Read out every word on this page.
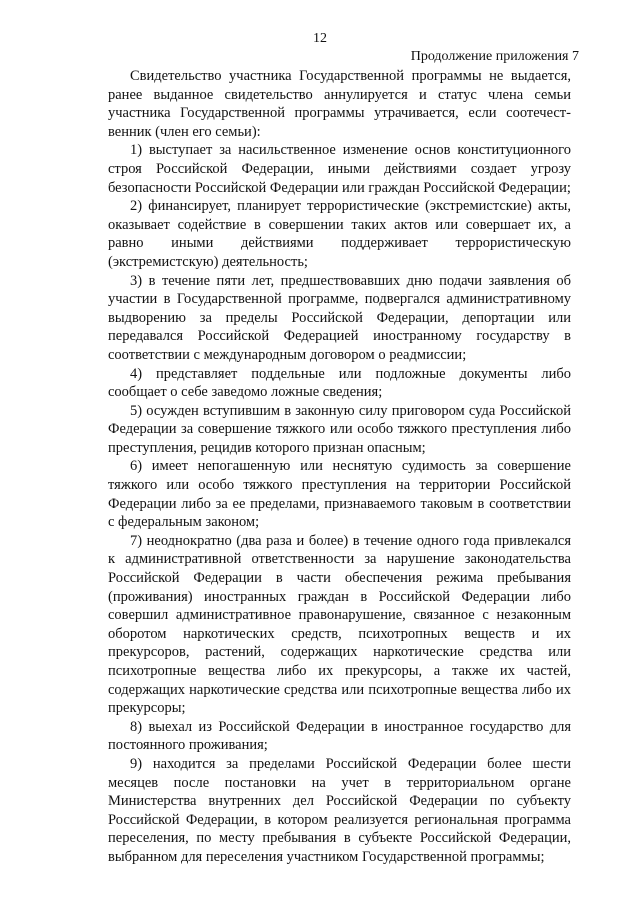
12
Продолжение приложения 7

Свидетельство участника Государственной программы не выдается, ранее выданное свидетельство аннулируется и статус члена семьи участника Государственной программы утрачивается, если соотечественник (член его семьи):

1) выступает за насильственное изменение основ конституционного строя Российской Федерации, иными действиями создает угрозу безопасности Российской Федерации или граждан Российской Федерации;

2) финансирует, планирует террористические (экстремистские) акты, оказывает содействие в совершении таких актов или совершает их, а равно иными действиями поддерживает террористическую (экстремистскую) деятельность;

3) в течение пяти лет, предшествовавших дню подачи заявления об участии в Государственной программе, подвергался административному выдворению за пределы Российской Федерации, депортации или передавался Российской Федерацией иностранному государству в соответствии с международным договором о реадмиссии;

4) представляет поддельные или подложные документы либо сообщает о себе заведомо ложные сведения;

5) осужден вступившим в законную силу приговором суда Российской Федерации за совершение тяжкого или особо тяжкого преступления либо преступления, рецидив которого признан опасным;

6) имеет непогашенную или неснятую судимость за совершение тяжкого или особо тяжкого преступления на территории Российской Федерации либо за ее пределами, признаваемого таковым в соответствии с федеральным законом;

7) неоднократно (два раза и более) в течение одного года привлекался к административной ответственности за нарушение законодательства Российской Федерации в части обеспечения режима пребывания (проживания) иностранных граждан в Российской Федерации либо совершил административное правонарушение, связанное с незаконным оборотом наркотических средств, психотропных веществ и их прекурсоров, растений, содержащих наркотические средства или психотропные вещества либо их прекурсоры, а также их частей, содержащих наркотические средства или психотропные вещества либо их прекурсоры;

8) выехал из Российской Федерации в иностранное государство для постоянного проживания;

9) находится за пределами Российской Федерации более шести месяцев после постановки на учет в территориальном органе Министерства внутренних дел Российской Федерации по субъекту Российской Федерации, в котором реализуется региональная программа переселения, по месту пребывания в субъекте Российской Федерации, выбранном для переселения участником Государственной программы;
